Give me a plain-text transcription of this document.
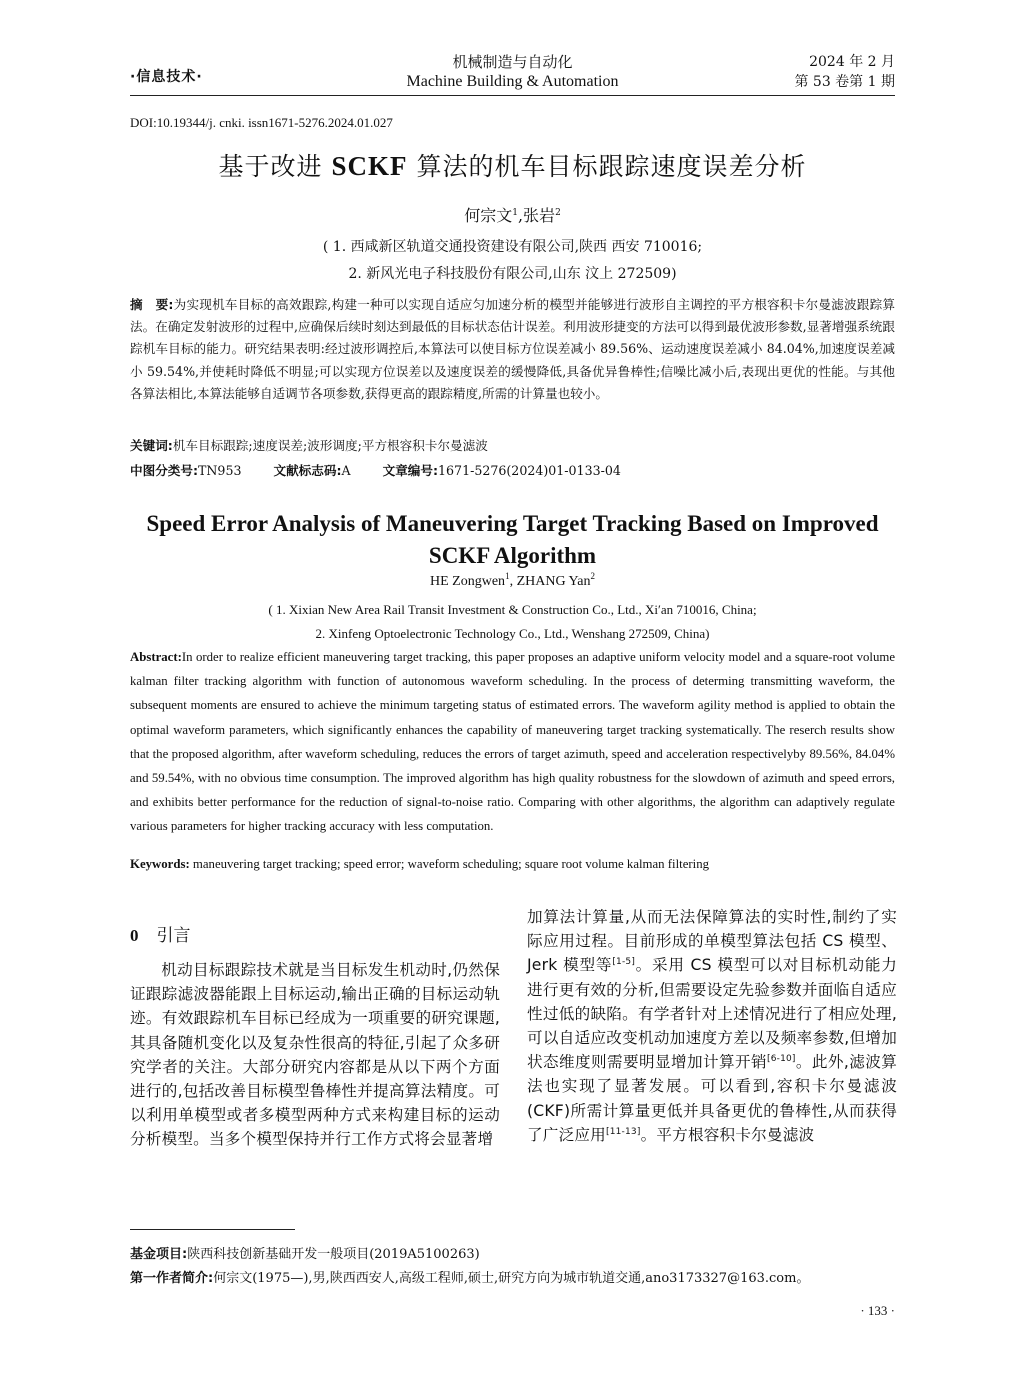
·信息技术·
机械制造与自动化
Machine Building & Automation
2024 年 2 月
第 53 卷第 1 期
DOI:10.19344/j. cnki. issn1671-5276.2024.01.027
基于改进 SCKF 算法的机车目标跟踪速度误差分析
何宗文$^1$,张岩$^2$
( 1. 西咸新区轨道交通投资建设有限公司,陕西 西安 710016;
2. 新风光电子科技股份有限公司,山东 汶上 272509)
摘　要:为实现机车目标的高效跟踪,构建一种可以实现自适应匀加速分析的模型并能够进行波形自主调控的平方根容积卡尔曼滤波跟踪算法。在确定发射波形的过程中,应确保后续时刻达到最低的目标状态估计误差。利用波形捷变的方法可以得到最优波形参数,显著增强系统跟踪机车目标的能力。研究结果表明:经过波形调控后,本算法可以使目标方位误差减小 89.56%、运动速度误差减小 84.04%,加速度误差减小 59.54%,并使耗时降低不明显;可以实现方位误差以及速度误差的缓慢降低,具备优异鲁棒性;信噪比减小后,表现出更优的性能。与其他各算法相比,本算法能够自适调节各项参数,获得更高的跟踪精度,所需的计算量也较小。
关键词:机车目标跟踪;速度误差;波形调度;平方根容积卡尔曼滤波
中图分类号:TN953	文献标志码:A	文章编号:1671-5276(2024)01-0133-04
Speed Error Analysis of Maneuvering Target Tracking Based on Improved SCKF Algorithm
HE Zongwen$^1$, ZHANG Yan$^2$
( 1. Xixian New Area Rail Transit Investment & Construction Co., Ltd., Xi′an 710016, China;
2. Xinfeng Optoelectronic Technology Co., Ltd., Wenshang 272509, China)
Abstract:In order to realize efficient maneuvering target tracking, this paper proposes an adaptive uniform velocity model and a square-root volume kalman filter tracking algorithm with function of autonomous waveform scheduling. In the process of determing transmitting waveform, the subsequent moments are ensured to achieve the minimum targeting status of estimated errors. The waveform agility method is applied to obtain the optimal waveform parameters, which significantly enhances the capability of maneuvering target tracking systematically. The reserch results show that the proposed algorithm, after waveform scheduling, reduces the errors of target azimuth, speed and acceleration respectivelyby 89.56%, 84.04% and 59.54%, with no obvious time consumption. The improved algorithm has high quality robustness for the slowdown of azimuth and speed errors, and exhibits better performance for the reduction of signal-to-noise ratio. Comparing with other algorithms, the algorithm can adaptively regulate various parameters for higher tracking accuracy with less computation.
Keywords: maneuvering target tracking; speed error; waveform scheduling; square root volume kalman filtering
0 引言

机动目标跟踪技术就是当目标发生机动时,仍然保证跟踪滤波器能跟上目标运动,输出正确的目标运动轨迹。有效跟踪机车目标已经成为一项重要的研究课题,其具备随机变化以及复杂性很高的特征,引起了众多研究学者的关注。大部分研究内容都是从以下两个方面进行的,包括改善目标模型鲁棒性并提高算法精度。可以利用单模型或者多模型两种方式来构建目标的运动分析模型。当多个模型保持并行工作方式将会显著增

加算法计算量,从而无法保障算法的实时性,制约了实际应用过程。目前形成的单模型算法包括 CS 模型、Jerk 模型等[1-5]。采用 CS 模型可以对目标机动能力进行更有效的分析,但需要设定先验参数并面临自适应性过低的缺陷。有学者针对上述情况进行了相应处理,可以自适应改变机动加速度方差以及频率参数,但增加状态维度则需要明显增加计算开销[6-10]。此外,滤波算法也实现了显著发展。可以看到,容积卡尔曼滤波(CKF)所需计算量更低并具备更优的鲁棒性,从而获得了广泛应用[11-13]。平方根容积卡尔曼滤波

基金项目:陕西科技创新基础开发一般项目(2019A5100263)
第一作者简介:何宗文(1975—),男,陕西西安人,高级工程师,硕士,研究方向为城市轨道交通,ano3173327@163.com。
· 133 ·
